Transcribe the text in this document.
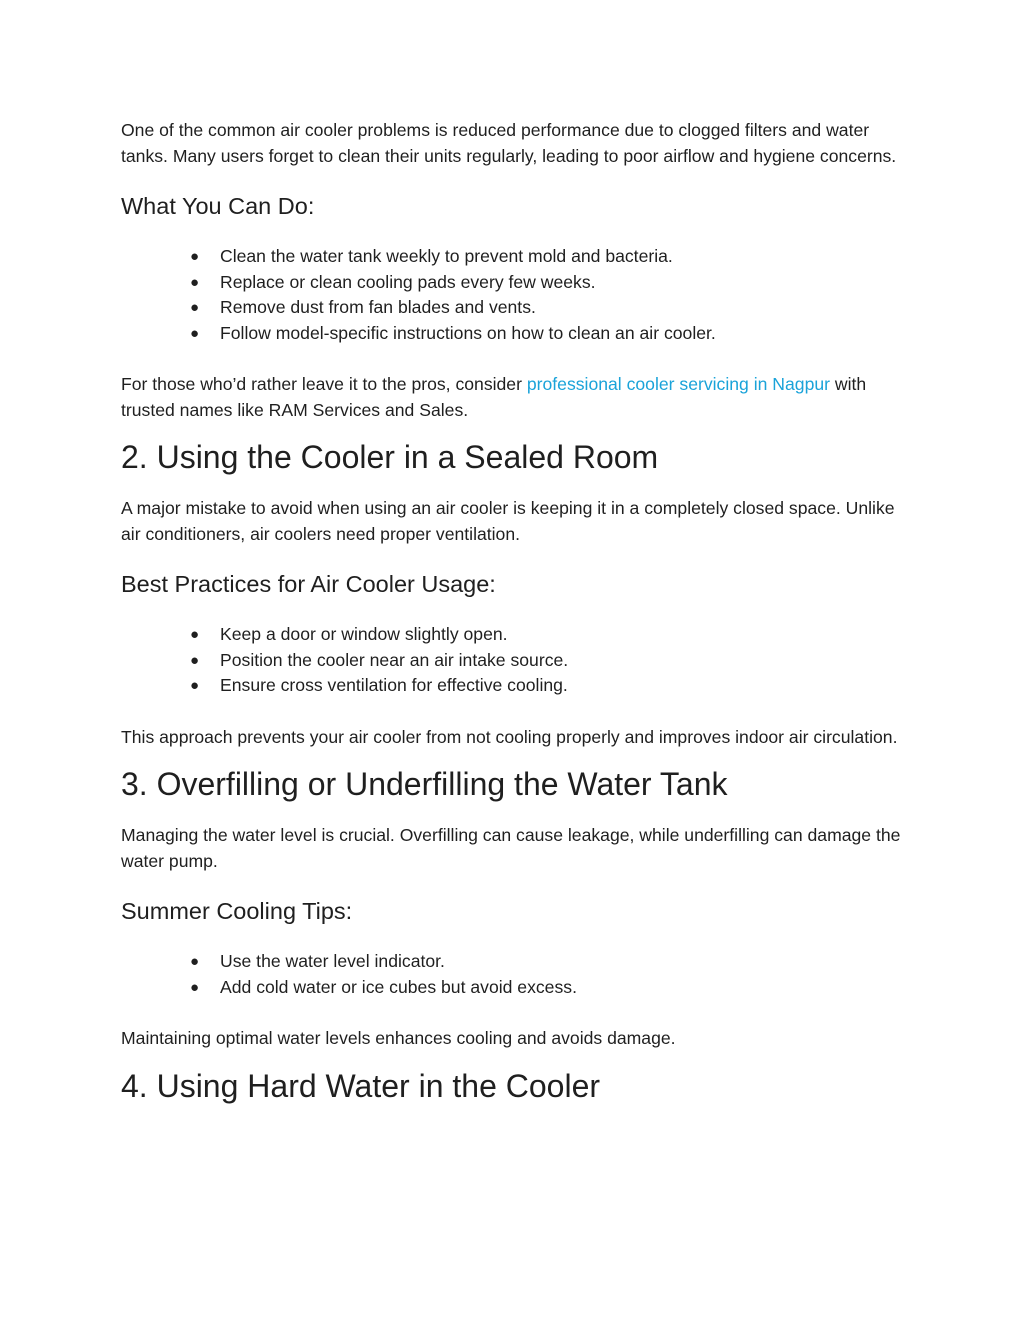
One of the common air cooler problems is reduced performance due to clogged filters and water tanks. Many users forget to clean their units regularly, leading to poor airflow and hygiene concerns.

What You Can Do:
● Clean the water tank weekly to prevent mold and bacteria.
● Replace or clean cooling pads every few weeks.
● Remove dust from fan blades and vents.
● Follow model-specific instructions on how to clean an air cooler.

For those who’d rather leave it to the pros, consider professional cooler servicing in Nagpur with trusted names like RAM Services and Sales.

2. Using the Cooler in a Sealed Room

A major mistake to avoid when using an air cooler is keeping it in a completely closed space. Unlike air conditioners, air coolers need proper ventilation.

Best Practices for Air Cooler Usage:
● Keep a door or window slightly open.
● Position the cooler near an air intake source.
● Ensure cross ventilation for effective cooling.

This approach prevents your air cooler from not cooling properly and improves indoor air circulation.

3. Overfilling or Underfilling the Water Tank

Managing the water level is crucial. Overfilling can cause leakage, while underfilling can damage the water pump.

Summer Cooling Tips:
● Use the water level indicator.
● Add cold water or ice cubes but avoid excess.

Maintaining optimal water levels enhances cooling and avoids damage.

4. Using Hard Water in the Cooler
